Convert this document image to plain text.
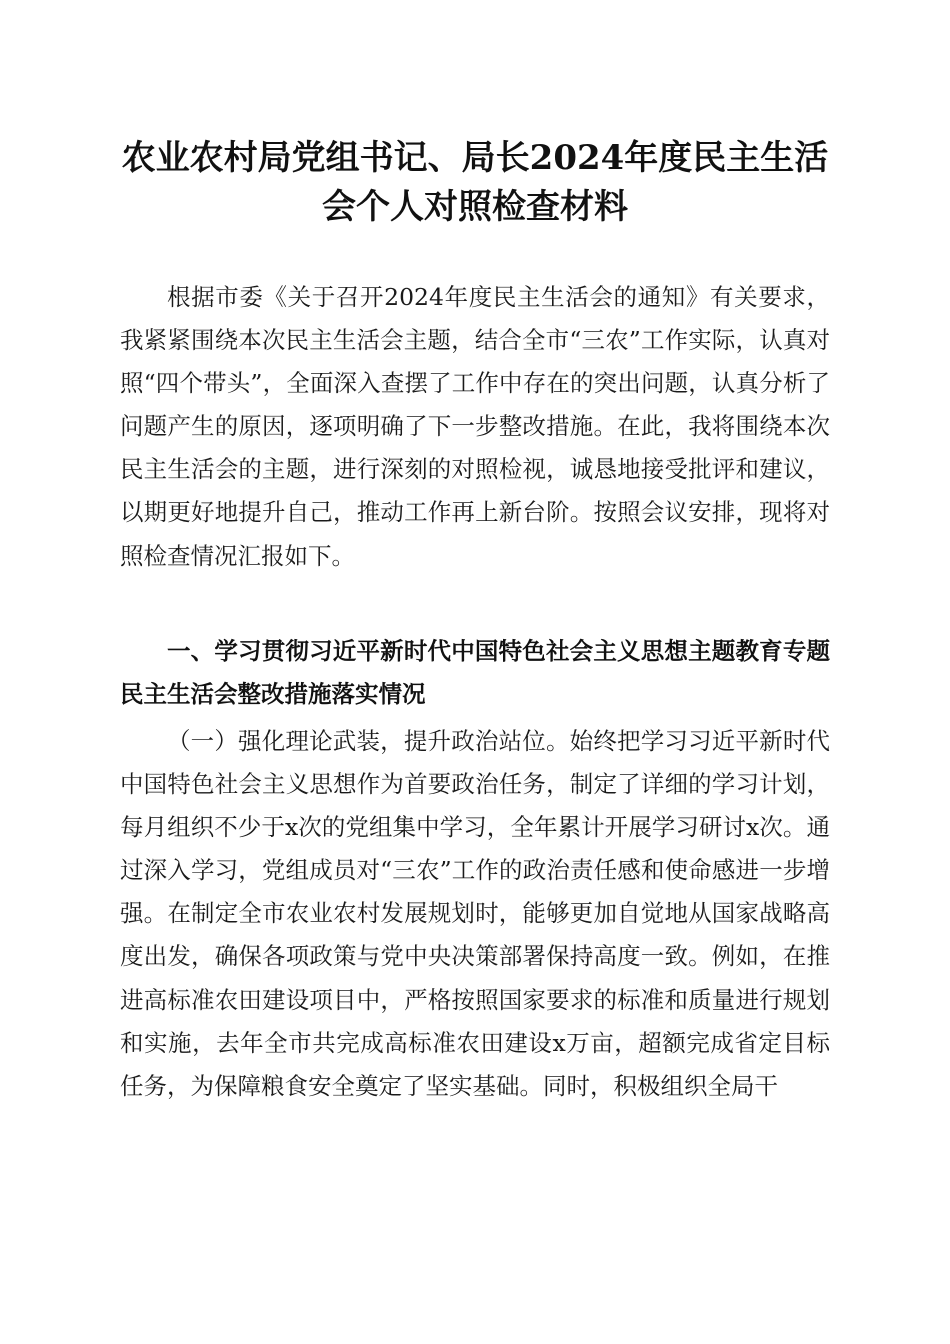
农业农村局党组书记、局长2024年度民主生活会个人对照检查材料

根据市委《关于召开2024年度民主生活会的通知》有关要求，我紧紧围绕本次民主生活会主题，结合全市“三农”工作实际，认真对照“四个带头”，全面深入查摆了工作中存在的突出问题，认真分析了问题产生的原因，逐项明确了下一步整改措施。在此，我将围绕本次民主生活会的主题，进行深刻的对照检视，诚恳地接受批评和建议，以期更好地提升自己，推动工作再上新台阶。按照会议安排，现将对照检查情况汇报如下。

一、学习贯彻习近平新时代中国特色社会主义思想主题教育专题民主生活会整改措施落实情况

（一）强化理论武装，提升政治站位。始终把学习习近平新时代中国特色社会主义思想作为首要政治任务，制定了详细的学习计划，每月组织不少于x次的党组集中学习，全年累计开展学习研讨x次。通过深入学习，党组成员对“三农”工作的政治责任感和使命感进一步增强。在制定全市农业农村发展规划时，能够更加自觉地从国家战略高度出发，确保各项政策与党中央决策部署保持高度一致。例如，在推进高标准农田建设项目中，严格按照国家要求的标准和质量进行规划和实施，去年全市共完成高标准农田建设x万亩，超额完成省定目标任务，为保障粮食安全奠定了坚实基础。同时，积极组织全局干
